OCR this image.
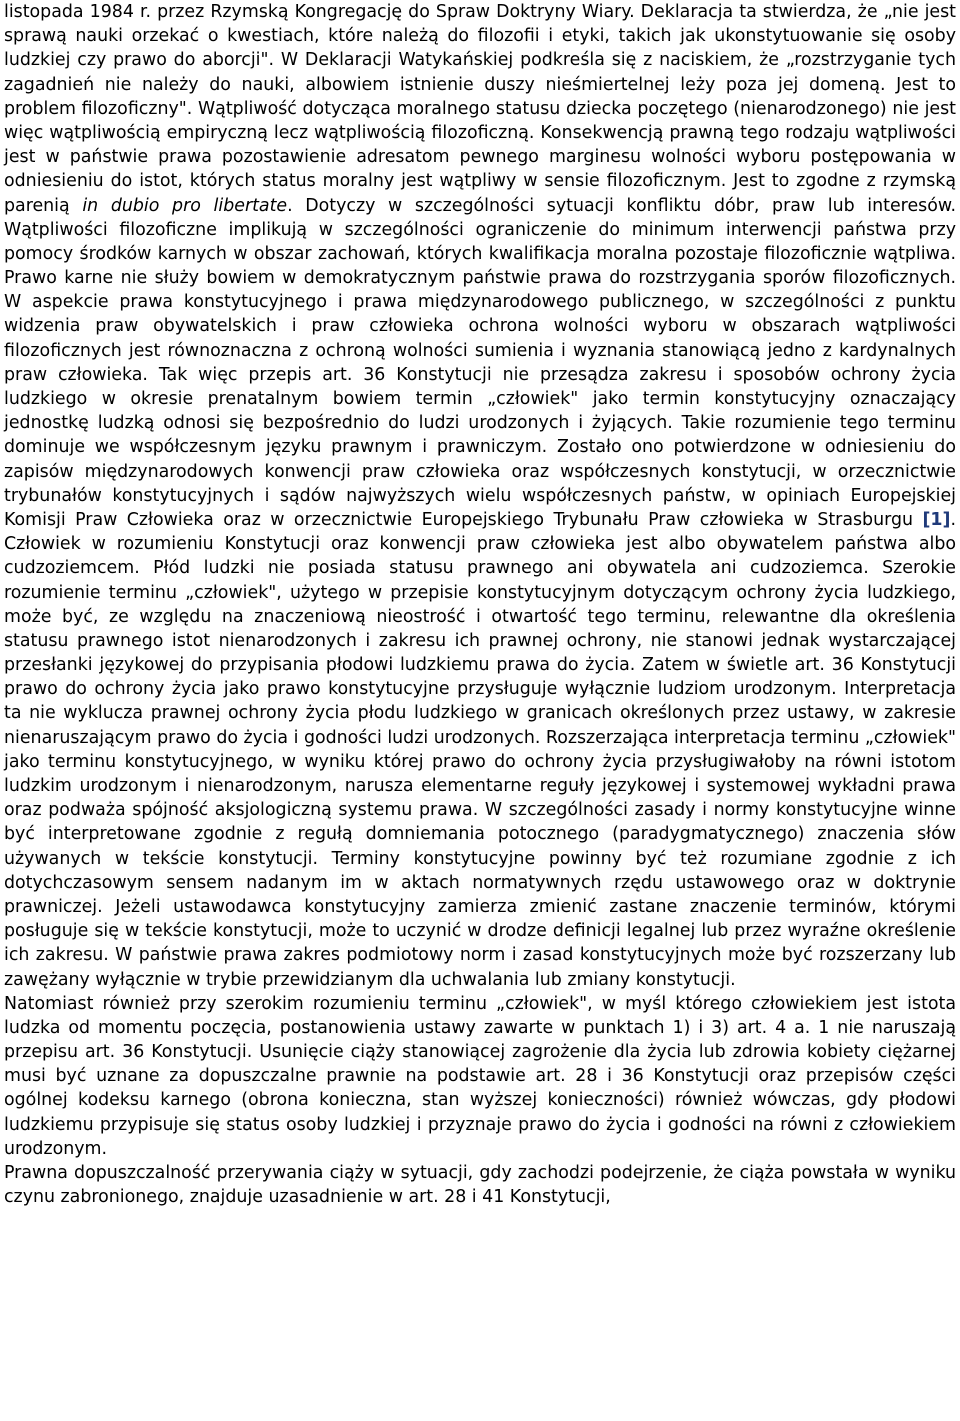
listopada 1984 r. przez Rzymską Kongregację do Spraw Doktryny Wiary. Deklaracja ta stwierdza, że „nie jest sprawą nauki orzekać o kwestiach, które należą do filozofii i etyki, takich jak ukonstytuowanie się osoby ludzkiej czy prawo do aborcji". W Deklaracji Watykańskiej podkreśla się z naciskiem, że „rozstrzyganie tych zagadnień nie należy do nauki, albowiem istnienie duszy nieśmiertelnej leży poza jej domeną. Jest to problem filozoficzny". Wątpliwość dotycząca moralnego statusu dziecka poczętego (nienarodzonego) nie jest więc wątpliwością empiryczną lecz wątpliwością filozoficzną. Konsekwencją prawną tego rodzaju wątpliwości jest w państwie prawa pozostawienie adresatom pewnego marginesu wolności wyboru postępowania w odniesieniu do istot, których status moralny jest wątpliwy w sensie filozoficznym. Jest to zgodne z rzymską parenią in dubio pro libertate. Dotyczy w szczególności sytuacji konfliktu dóbr, praw lub interesów. Wątpliwości filozoficzne implikują w szczególności ograniczenie do minimum interwencji państwa przy pomocy środków karnych w obszar zachowań, których kwalifikacja moralna pozostaje filozoficznie wątpliwa. Prawo karne nie służy bowiem w demokratycznym państwie prawa do rozstrzygania sporów filozoficznych. W aspekcie prawa konstytucyjnego i prawa międzynarodowego publicznego, w szczególności z punktu widzenia praw obywatelskich i praw człowieka ochrona wolności wyboru w obszarach wątpliwości filozoficznych jest równoznaczna z ochroną wolności sumienia i wyznania stanowiącą jedno z kardynalnych praw człowieka. Tak więc przepis art. 36 Konstytucji nie przesądza zakresu i sposobów ochrony życia ludzkiego w okresie prenatalnym bowiem termin „człowiek" jako termin konstytucyjny oznaczający jednostkę ludzką odnosi się bezpośrednio do ludzi urodzonych i żyjących. Takie rozumienie tego terminu dominuje we współczesnym języku prawnym i prawniczym. Zostało ono potwierdzone w odniesieniu do zapisów międzynarodowych konwencji praw człowieka oraz współczesnych konstytucji, w orzecznictwie trybunałów konstytucyjnych i sądów najwyższych wielu współczesnych państw, w opiniach Europejskiej Komisji Praw Człowieka oraz w orzecznictwie Europejskiego Trybunału Praw człowieka w Strasburgu [1]. Człowiek w rozumieniu Konstytucji oraz konwencji praw człowieka jest albo obywatelem państwa albo cudzoziemcem. Płód ludzki nie posiada statusu prawnego ani obywatela ani cudzoziemca. Szerokie rozumienie terminu „człowiek", użytego w przepisie konstytucyjnym dotyczącym ochrony życia ludzkiego, może być, ze względu na znaczeniową nieostrość i otwartość tego terminu, relewantne dla określenia statusu prawnego istot nienarodzonych i zakresu ich prawnej ochrony, nie stanowi jednak wystarczającej przesłanki językowej do przypisania płodowi ludzkiemu prawa do życia. Zatem w świetle art. 36 Konstytucji prawo do ochrony życia jako prawo konstytucyjne przysługuje wyłącznie ludziom urodzonym. Interpretacja ta nie wyklucza prawnej ochrony życia płodu ludzkiego w granicach określonych przez ustawy, w zakresie nienaruszającym prawo do życia i godności ludzi urodzonych. Rozszerzająca interpretacja terminu „człowiek" jako terminu konstytucyjnego, w wyniku której prawo do ochrony życia przysługiwałoby na równi istotom ludzkim urodzonym i nienarodzonym, narusza elementarne reguły językowej i systemowej wykładni prawa oraz podważa spójność aksjologiczną systemu prawa. W szczególności zasady i normy konstytucyjne winne być interpretowane zgodnie z regułą domniemania potocznego (paradygmatycznego) znaczenia słów używanych w tekście konstytucji. Terminy konstytucyjne powinny być też rozumiane zgodnie z ich dotychczasowym sensem nadanym im w aktach normatywnych rzędu ustawowego oraz w doktrynie prawniczej. Jeżeli ustawodawca konstytucyjny zamierza zmienić zastane znaczenie terminów, którymi posługuje się w tekście konstytucji, może to uczynić w drodze definicji legalnej lub przez wyraźne określenie ich zakresu. W państwie prawa zakres podmiotowy norm i zasad konstytucyjnych może być rozszerzany lub zawężany wyłącznie w trybie przewidzianym dla uchwalania lub zmiany konstytucji.

Natomiast również przy szerokim rozumieniu terminu „człowiek", w myśl którego człowiekiem jest istota ludzka od momentu poczęcia, postanowienia ustawy zawarte w punktach 1) i 3) art. 4 a. 1 nie naruszają przepisu art. 36 Konstytucji. Usunięcie ciąży stanowiącej zagrożenie dla życia lub zdrowia kobiety ciężarnej musi być uznane za dopuszczalne prawnie na podstawie art. 28 i 36 Konstytucji oraz przepisów części ogólnej kodeksu karnego (obrona konieczna, stan wyższej konieczności) również wówczas, gdy płodowi ludzkiemu przypisuje się status osoby ludzkiej i przyznaje prawo do życia i godności na równi z człowiekiem urodzonym.

Prawna dopuszczalność przerywania ciąży w sytuacji, gdy zachodzi podejrzenie, że ciąża powstała w wyniku czynu zabronionego, znajduje uzasadnienie w art. 28 i 41 Konstytucji,
